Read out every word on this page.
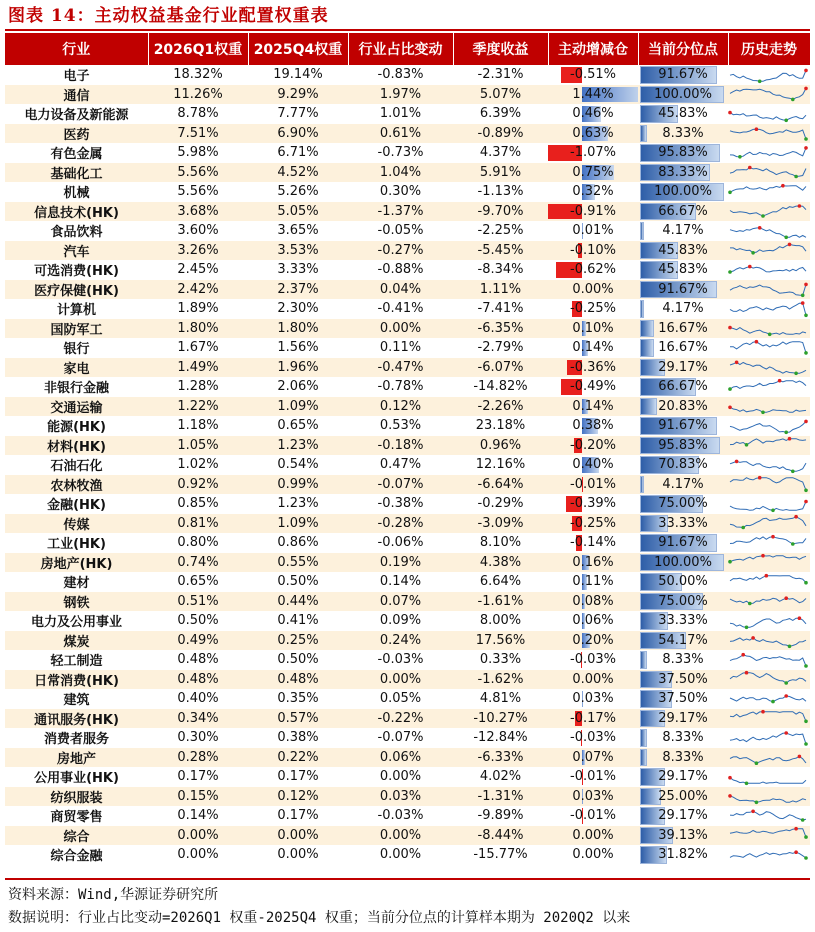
图表 14：主动权益基金行业配置权重表
行业	2026Q1权重	2025Q4权重	行业占比变动	季度收益	主动增减仓	当前分位点	历史走势
电子	18.32%	19.14%	-0.83%	-2.31%	-0.51%	91.67%	

通信	11.26%	9.29%	1.97%	5.07%	1.44%	100.00%	

电力设备及新能源	8.78%	7.77%	1.01%	6.39%	0.46%	45.83%	

医药	7.51%	6.90%	0.61%	-0.89%	0.63%	8.33%	

有色金属	5.98%	6.71%	-0.73%	4.37%	-1.07%	95.83%	

基础化工	5.56%	4.52%	1.04%	5.91%	0.75%	83.33%	

机械	5.56%	5.26%	0.30%	-1.13%	0.32%	100.00%	

信息技术(HK)	3.68%	5.05%	-1.37%	-9.70%	-0.91%	66.67%	

食品饮料	3.60%	3.65%	-0.05%	-2.25%	0.01%	4.17%	

汽车	3.26%	3.53%	-0.27%	-5.45%	-0.10%	45.83%	

可选消费(HK)	2.45%	3.33%	-0.88%	-8.34%	-0.62%	45.83%	

医疗保健(HK)	2.42%	2.37%	0.04%	1.11%	0.00%	91.67%	

计算机	1.89%	2.30%	-0.41%	-7.41%	-0.25%	4.17%	

国防军工	1.80%	1.80%	0.00%	-6.35%	0.10%	16.67%	

银行	1.67%	1.56%	0.11%	-2.79%	0.14%	16.67%	

家电	1.49%	1.96%	-0.47%	-6.07%	-0.36%	29.17%	

非银行金融	1.28%	2.06%	-0.78%	-14.82%	-0.49%	66.67%	

交通运输	1.22%	1.09%	0.12%	-2.26%	0.14%	20.83%	

能源(HK)	1.18%	0.65%	0.53%	23.18%	0.38%	91.67%	

材料(HK)	1.05%	1.23%	-0.18%	0.96%	-0.20%	95.83%	

石油石化	1.02%	0.54%	0.47%	12.16%	0.40%	70.83%	

农林牧渔	0.92%	0.99%	-0.07%	-6.64%	-0.01%	4.17%	

金融(HK)	0.85%	1.23%	-0.38%	-0.29%	-0.39%	75.00%	

传媒	0.81%	1.09%	-0.28%	-3.09%	-0.25%	33.33%	

工业(HK)	0.80%	0.86%	-0.06%	8.10%	-0.14%	91.67%	

房地产(HK)	0.74%	0.55%	0.19%	4.38%	0.16%	100.00%	

建材	0.65%	0.50%	0.14%	6.64%	0.11%	50.00%	

钢铁	0.51%	0.44%	0.07%	-1.61%	0.08%	75.00%	

电力及公用事业	0.50%	0.41%	0.09%	8.00%	0.06%	33.33%	

煤炭	0.49%	0.25%	0.24%	17.56%	0.20%	54.17%	

轻工制造	0.48%	0.50%	-0.03%	0.33%	-0.03%	8.33%	

日常消费(HK)	0.48%	0.48%	0.00%	-1.62%	0.00%	37.50%	

建筑	0.40%	0.35%	0.05%	4.81%	0.03%	37.50%	

通讯服务(HK)	0.34%	0.57%	-0.22%	-10.27%	-0.17%	29.17%	

消费者服务	0.30%	0.38%	-0.07%	-12.84%	-0.03%	8.33%	

房地产	0.28%	0.22%	0.06%	-6.33%	0.07%	8.33%	

公用事业(HK)	0.17%	0.17%	0.00%	4.02%	-0.01%	29.17%	

纺织服装	0.15%	0.12%	0.03%	-1.31%	0.03%	25.00%	

商贸零售	0.14%	0.17%	-0.03%	-9.89%	-0.01%	29.17%	

综合	0.00%	0.00%	0.00%	-8.44%	0.00%	39.13%	

综合金融	0.00%	0.00%	0.00%	-15.77%	0.00%	31.82%	
资料来源：Wind,华源证券研究所
数据说明：行业占比变动=2026Q1 权重-2025Q4 权重；当前分位点的计算样本期为 2020Q2 以来
